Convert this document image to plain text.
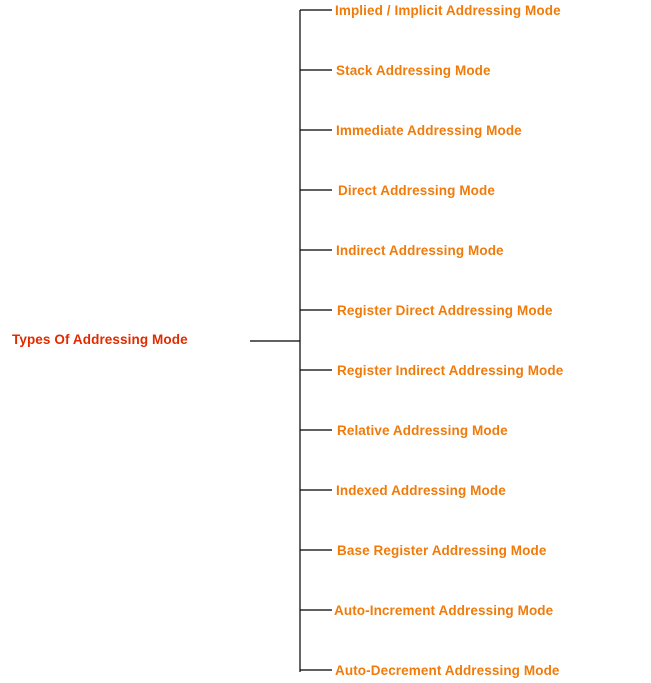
Types Of Addressing Mode
Implied / Implicit Addressing Mode
Stack Addressing Mode
Immediate Addressing Mode
Direct Addressing Mode
Indirect Addressing Mode
Register Direct Addressing Mode
Register Indirect Addressing Mode
Relative Addressing Mode
Indexed Addressing Mode
Base Register Addressing Mode
Auto-Increment Addressing Mode
Auto-Decrement Addressing Mode
